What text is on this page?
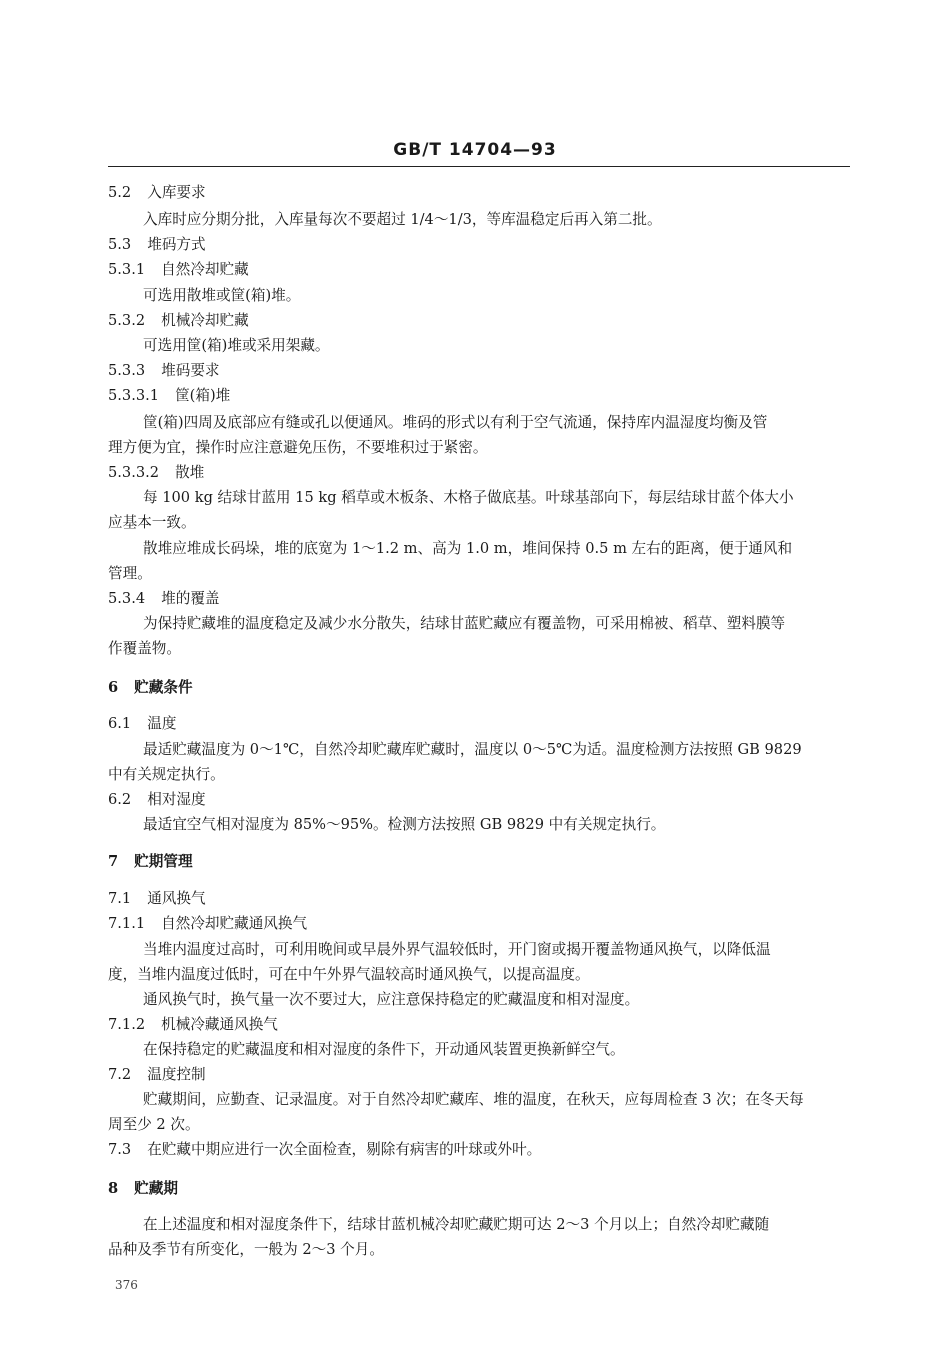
GB/T 14704—93
5.2 入库要求
入库时应分期分批，入库量每次不要超过 1/4～1/3，等库温稳定后再入第二批。
5.3 堆码方式
5.3.1 自然冷却贮藏
可选用散堆或筐(箱)堆。
5.3.2 机械冷却贮藏
可选用筐(箱)堆或采用架藏。
5.3.3 堆码要求
5.3.3.1 筐(箱)堆
筐(箱)四周及底部应有缝或孔以便通风。堆码的形式以有利于空气流通，保持库内温湿度均衡及管
理方便为宜，操作时应注意避免压伤，不要堆积过于紧密。
5.3.3.2 散堆
每 100 kg 结球甘蓝用 15 kg 稻草或木板条、木格子做底基。叶球基部向下，每层结球甘蓝个体大小
应基本一致。
散堆应堆成长码垛，堆的底宽为 1～1.2 m、高为 1.0 m，堆间保持 0.5 m 左右的距离，便于通风和
管理。
5.3.4 堆的覆盖
为保持贮藏堆的温度稳定及减少水分散失，结球甘蓝贮藏应有覆盖物，可采用棉被、稻草、塑料膜等
作覆盖物。
6 贮藏条件
6.1 温度
最适贮藏温度为 0～1℃，自然冷却贮藏库贮藏时，温度以 0～5℃为适。温度检测方法按照 GB 9829
中有关规定执行。
6.2 相对湿度
最适宜空气相对湿度为 85%～95%。检测方法按照 GB 9829 中有关规定执行。
7 贮期管理
7.1 通风换气
7.1.1 自然冷却贮藏通风换气
当堆内温度过高时，可利用晚间或早晨外界气温较低时，开门窗或揭开覆盖物通风换气，以降低温
度，当堆内温度过低时，可在中午外界气温较高时通风换气，以提高温度。
通风换气时，换气量一次不要过大，应注意保持稳定的贮藏温度和相对湿度。
7.1.2 机械冷藏通风换气
在保持稳定的贮藏温度和相对湿度的条件下，开动通风装置更换新鲜空气。
7.2 温度控制
贮藏期间，应勤查、记录温度。对于自然冷却贮藏库、堆的温度，在秋天，应每周检查 3 次；在冬天每
周至少 2 次。
7.3 在贮藏中期应进行一次全面检查，剔除有病害的叶球或外叶。
8 贮藏期
在上述温度和相对湿度条件下，结球甘蓝机械冷却贮藏贮期可达 2～3 个月以上；自然冷却贮藏随
品种及季节有所变化，一般为 2～3 个月。
376
